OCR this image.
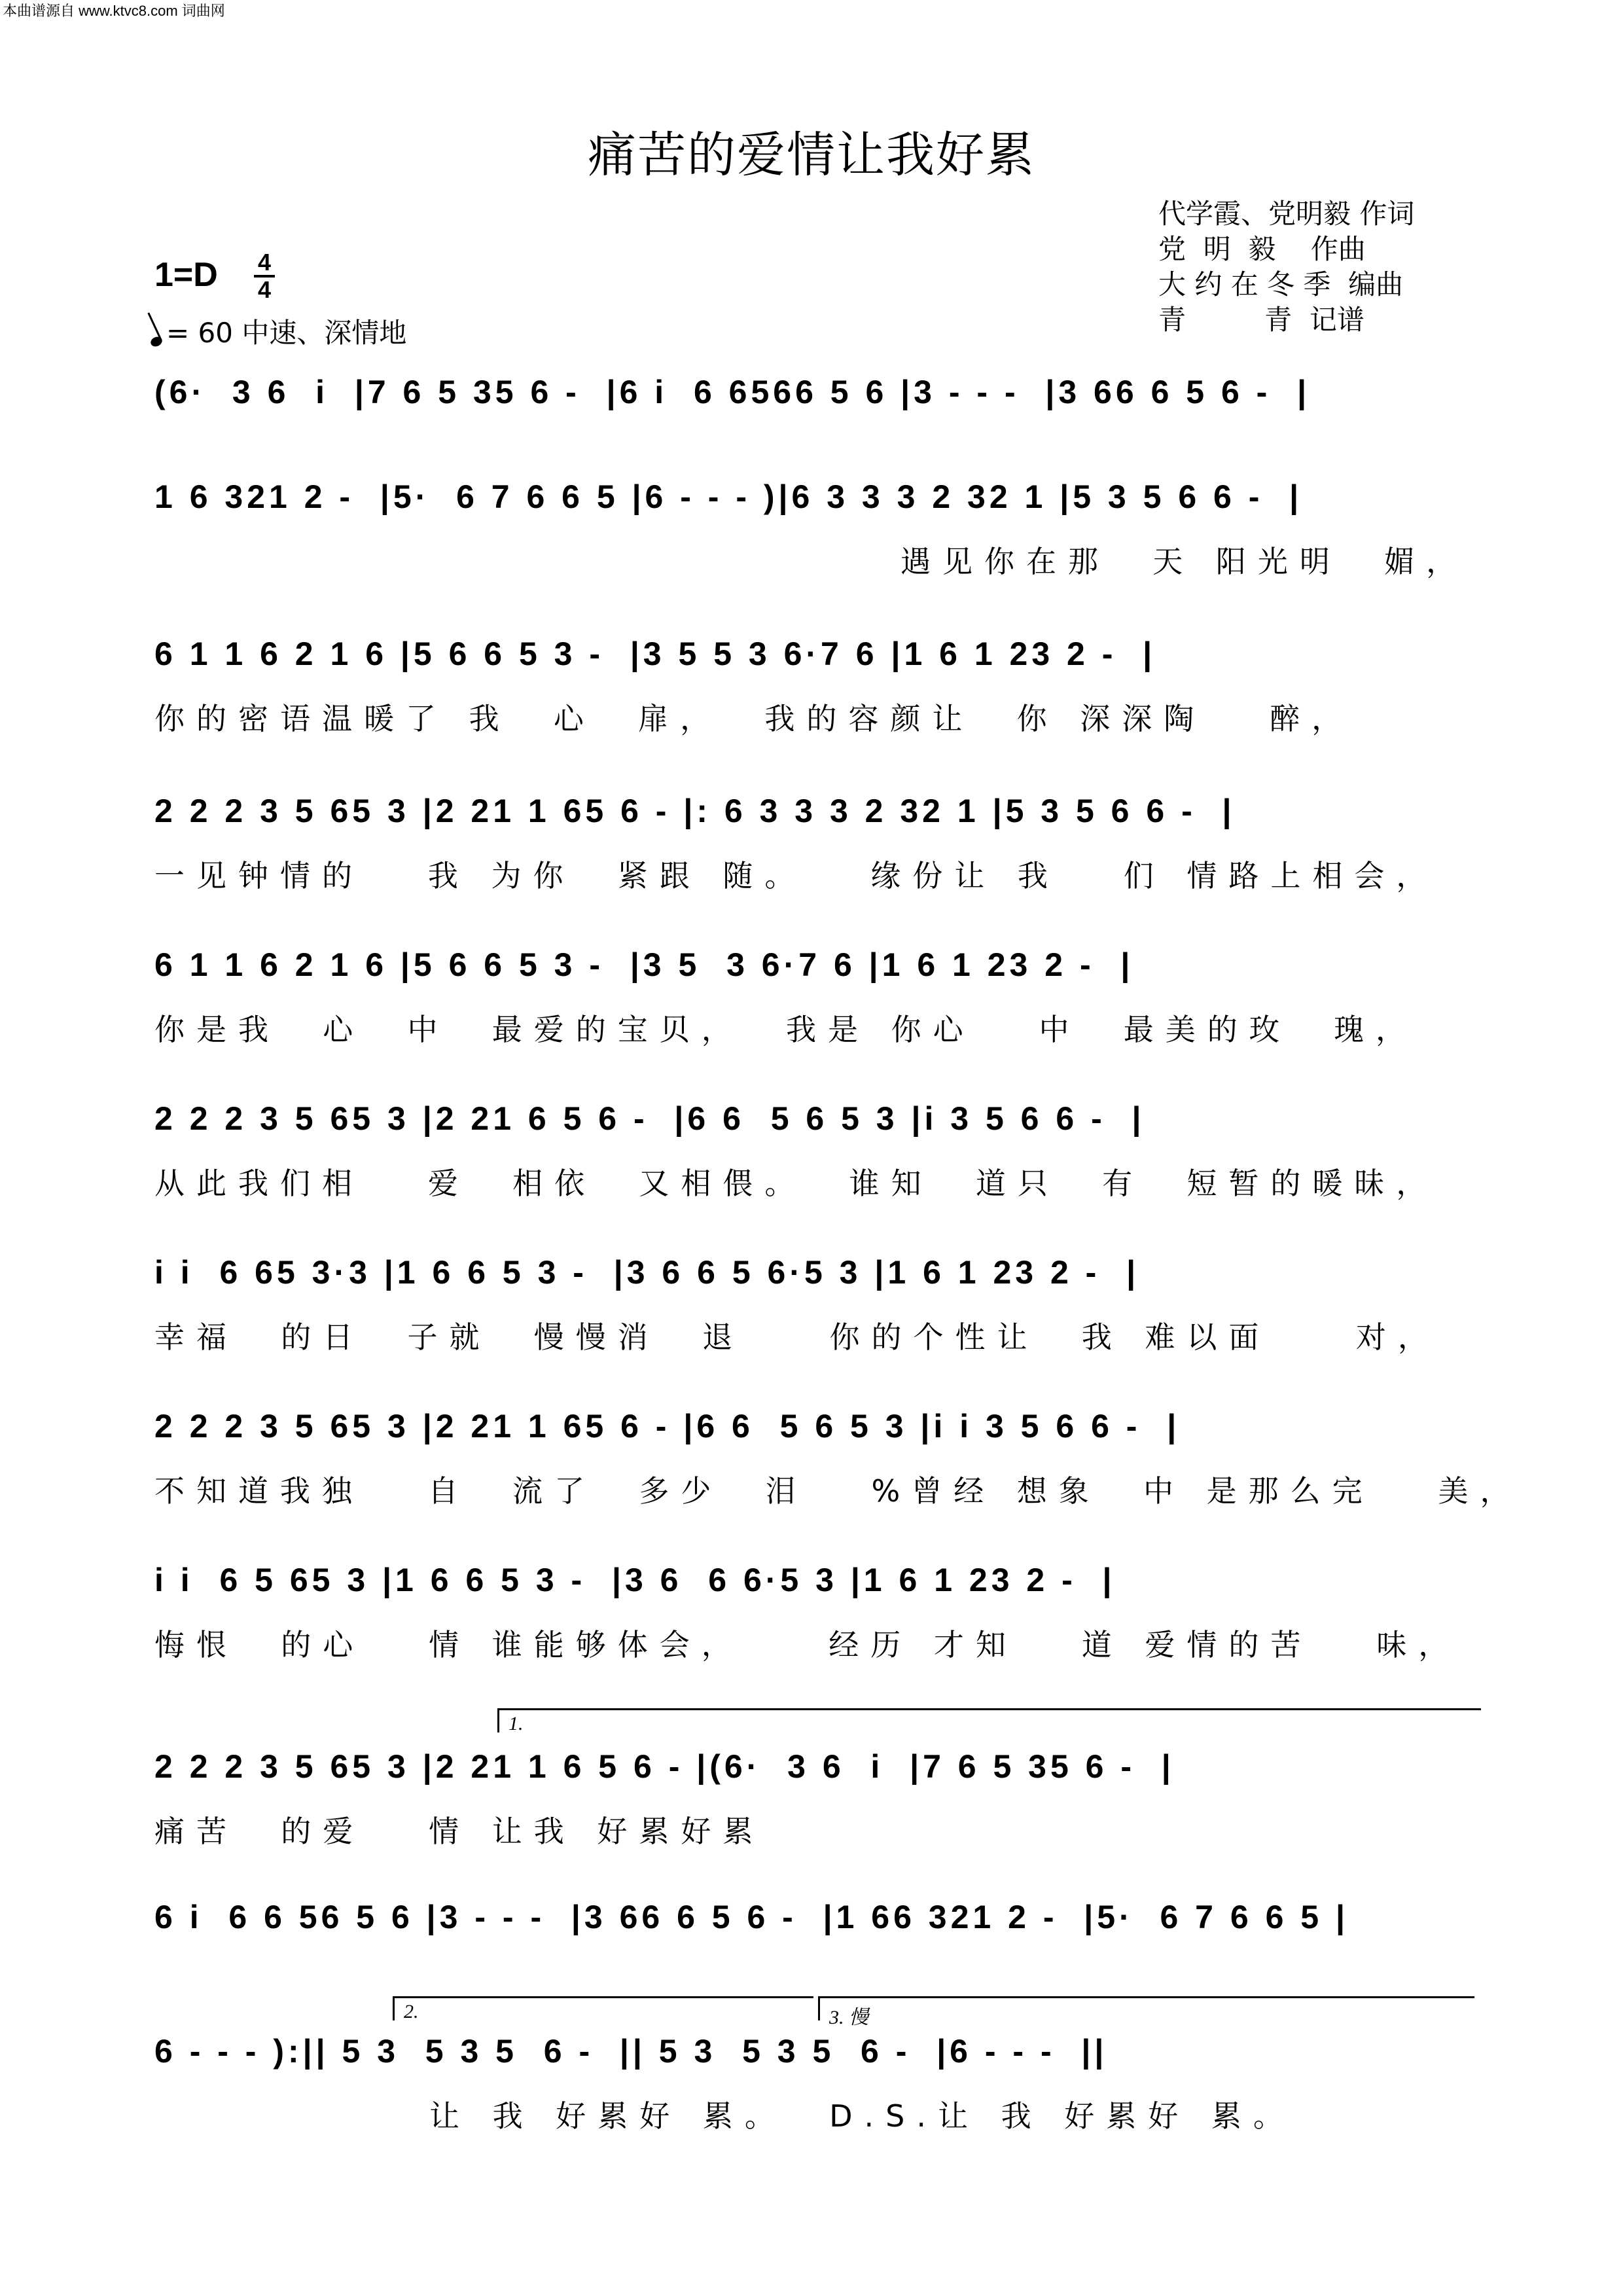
本曲谱源自 www.ktvc8.com 词曲网
痛苦的爱情让我好累
代学霞、党明毅 作词
党  明  毅    作曲
大 约 在 冬 季  编曲
青         青  记谱
1=D 4
4
= 60 中速、深情地
(6·  3 6  i  |7 6 5 35 6 -  |6 i  6 6566 5 6 |3 - - -  |3 66 6 5 6 -  |
1 6 321 2 -  |5·  6 7 6 6 5 |6 - - - )|6 3 3 3 2 32 1 |5 3 5 6 6 -  |
遇见你在那  天 阳光明  媚，
6 1 1 6 2 1 6 |5 6 6 5 3 -  |3 5 5 3 6·7 6 |1 6 1 23 2 -  |
你的密语温暖了 我  心  扉，  我的容颜让  你 深深陶   醉，
2 2 2 3 5 65 3 |2 21 1 65 6 - |: 6 3 3 3 2 32 1 |5 3 5 6 6 -  |
一见钟情的   我 为你  紧跟 随。   缘份让 我   们 情路上相会，
6 1 1 6 2 1 6 |5 6 6 5 3 -  |3 5  3 6·7 6 |1 6 1 23 2 -  |
你是我  心  中  最爱的宝贝，  我是 你心   中  最美的玫  瑰，
2 2 2 3 5 65 3 |2 21 6 5 6 -  |6 6  5 6 5 3 |i 3 5 6 6 -  |
从此我们相   爱  相依  又相偎。  谁知  道只  有  短暂的暖昧，
i i  6 65 3·3 |1 6 6 5 3 -  |3 6 6 5 6·5 3 |1 6 1 23 2 -  |
幸福  的日  子就  慢慢消  退    你的个性让  我 难以面    对，
2 2 2 3 5 65 3 |2 21 1 65 6 - |6 6  5 6 5 3 |i i 3 5 6 6 -  |
不知道我独   自  流了  多少  泪   %曾经 想象  中 是那么完   美，
i i  6 5 65 3 |1 6 6 5 3 -  |3 6  6 6·5 3 |1 6 1 23 2 -  |
悔恨  的心   情 谁能够体会，    经历 才知   道 爱情的苦   味，
1.
2 2 2 3 5 65 3 |2 21 1 6 5 6 - |(6·  3 6  i  |7 6 5 35 6 -  |
痛苦  的爱   情 让我 好累好累
6 i  6 6 56 5 6 |3 - - -  |3 66 6 5 6 -  |1 66 321 2 -  |5·  6 7 6 6 5 |
2.	3. 慢
6 - - - ):|| 5 3  5 3 5  6 -  || 5 3  5 3 5  6 -  |6 - - -  ||
让 我 好累好 累。  D.S.让 我 好累好 累。
